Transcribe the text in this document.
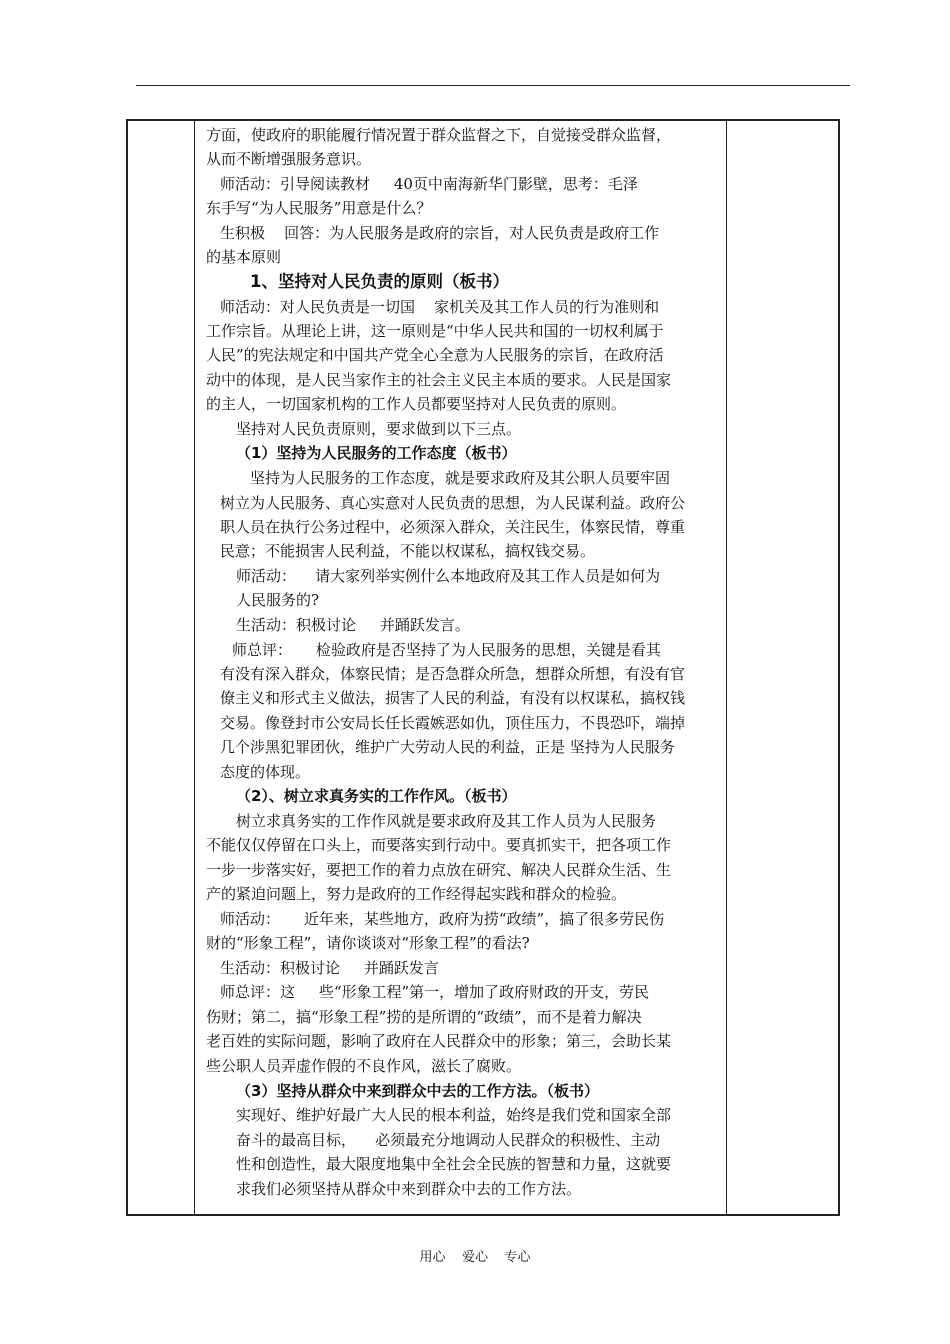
方面，使政府的职能履行情况置于群众监督之下，自觉接受群众监督，
从而不断增强服务意识。
师活动：引导阅读教材     40页中南海新华门影壁，思考：毛泽
东手写“为人民服务”用意是什么？
生积极    回答：为人民服务是政府的宗旨，对人民负责是政府工作
的基本原则
1、坚持对人民负责的原则（板书）
师活动：对人民负责是一切国    家机关及其工作人员的行为准则和
工作宗旨。从理论上讲，这一原则是“中华人民共和国的一切权利属于
人民”的宪法规定和中国共产党全心全意为人民服务的宗旨，在政府活
动中的体现，是人民当家作主的社会主义民主本质的要求。人民是国家
的主人，一切国家机构的工作人员都要坚持对人民负责的原则。
坚持对人民负责原则，要求做到以下三点。
（1）坚持为人民服务的工作态度（板书）
坚持为人民服务的工作态度，就是要求政府及其公职人员要牢固
树立为人民服务、真心实意对人民负责的思想，为人民谋利益。政府公
职人员在执行公务过程中，必须深入群众，关注民生，体察民情，尊重
民意；不能损害人民利益，不能以权谋私，搞权钱交易。
师活动：    请大家列举实例什么本地政府及其工作人员是如何为
人民服务的?
生活动：积极讨论     并踊跃发言。
师总评：     检验政府是否坚持了为人民服务的思想，关键是看其
有没有深入群众，体察民情；是否急群众所急，想群众所想，有没有官
僚主义和形式主义做法，损害了人民的利益，有没有以权谋私，搞权钱
交易。像登封市公安局长任长霞嫉恶如仇，顶住压力，不畏恐吓，端掉
几个涉黑犯罪团伙，维护广大劳动人民的利益，正是 坚持为人民服务
态度的体现。
（2）、树立求真务实的工作作风。（板书）
树立求真务实的工作作风就是要求政府及其工作人员为人民服务
不能仅仅停留在口头上，而要落实到行动中。要真抓实干，把各项工作
一步一步落实好，要把工作的着力点放在研究、解决人民群众生活、生
产的紧迫问题上，努力是政府的工作经得起实践和群众的检验。
师活动：     近年来，某些地方，政府为捞“政绩”，搞了很多劳民伤
财的“形象工程”，请你谈谈对“形象工程”的看法?
生活动：积极讨论     并踊跃发言
师总评：这     些“形象工程”第一，增加了政府财政的开支，劳民
伤财；第二，搞“形象工程”捞的是所谓的“政绩”，而不是着力解决
老百姓的实际问题，影响了政府在人民群众中的形象；第三，会助长某
些公职人员弄虚作假的不良作风，滋长了腐败。
（3）坚持从群众中来到群众中去的工作方法。（板书）
实现好、维护好最广大人民的根本利益，始终是我们党和国家全部
奋斗的最高目标，    必须最充分地调动人民群众的积极性、主动
性和创造性，最大限度地集中全社会全民族的智慧和力量，这就要
求我们必须坚持从群众中来到群众中去的工作方法。
用心    爱心    专心
